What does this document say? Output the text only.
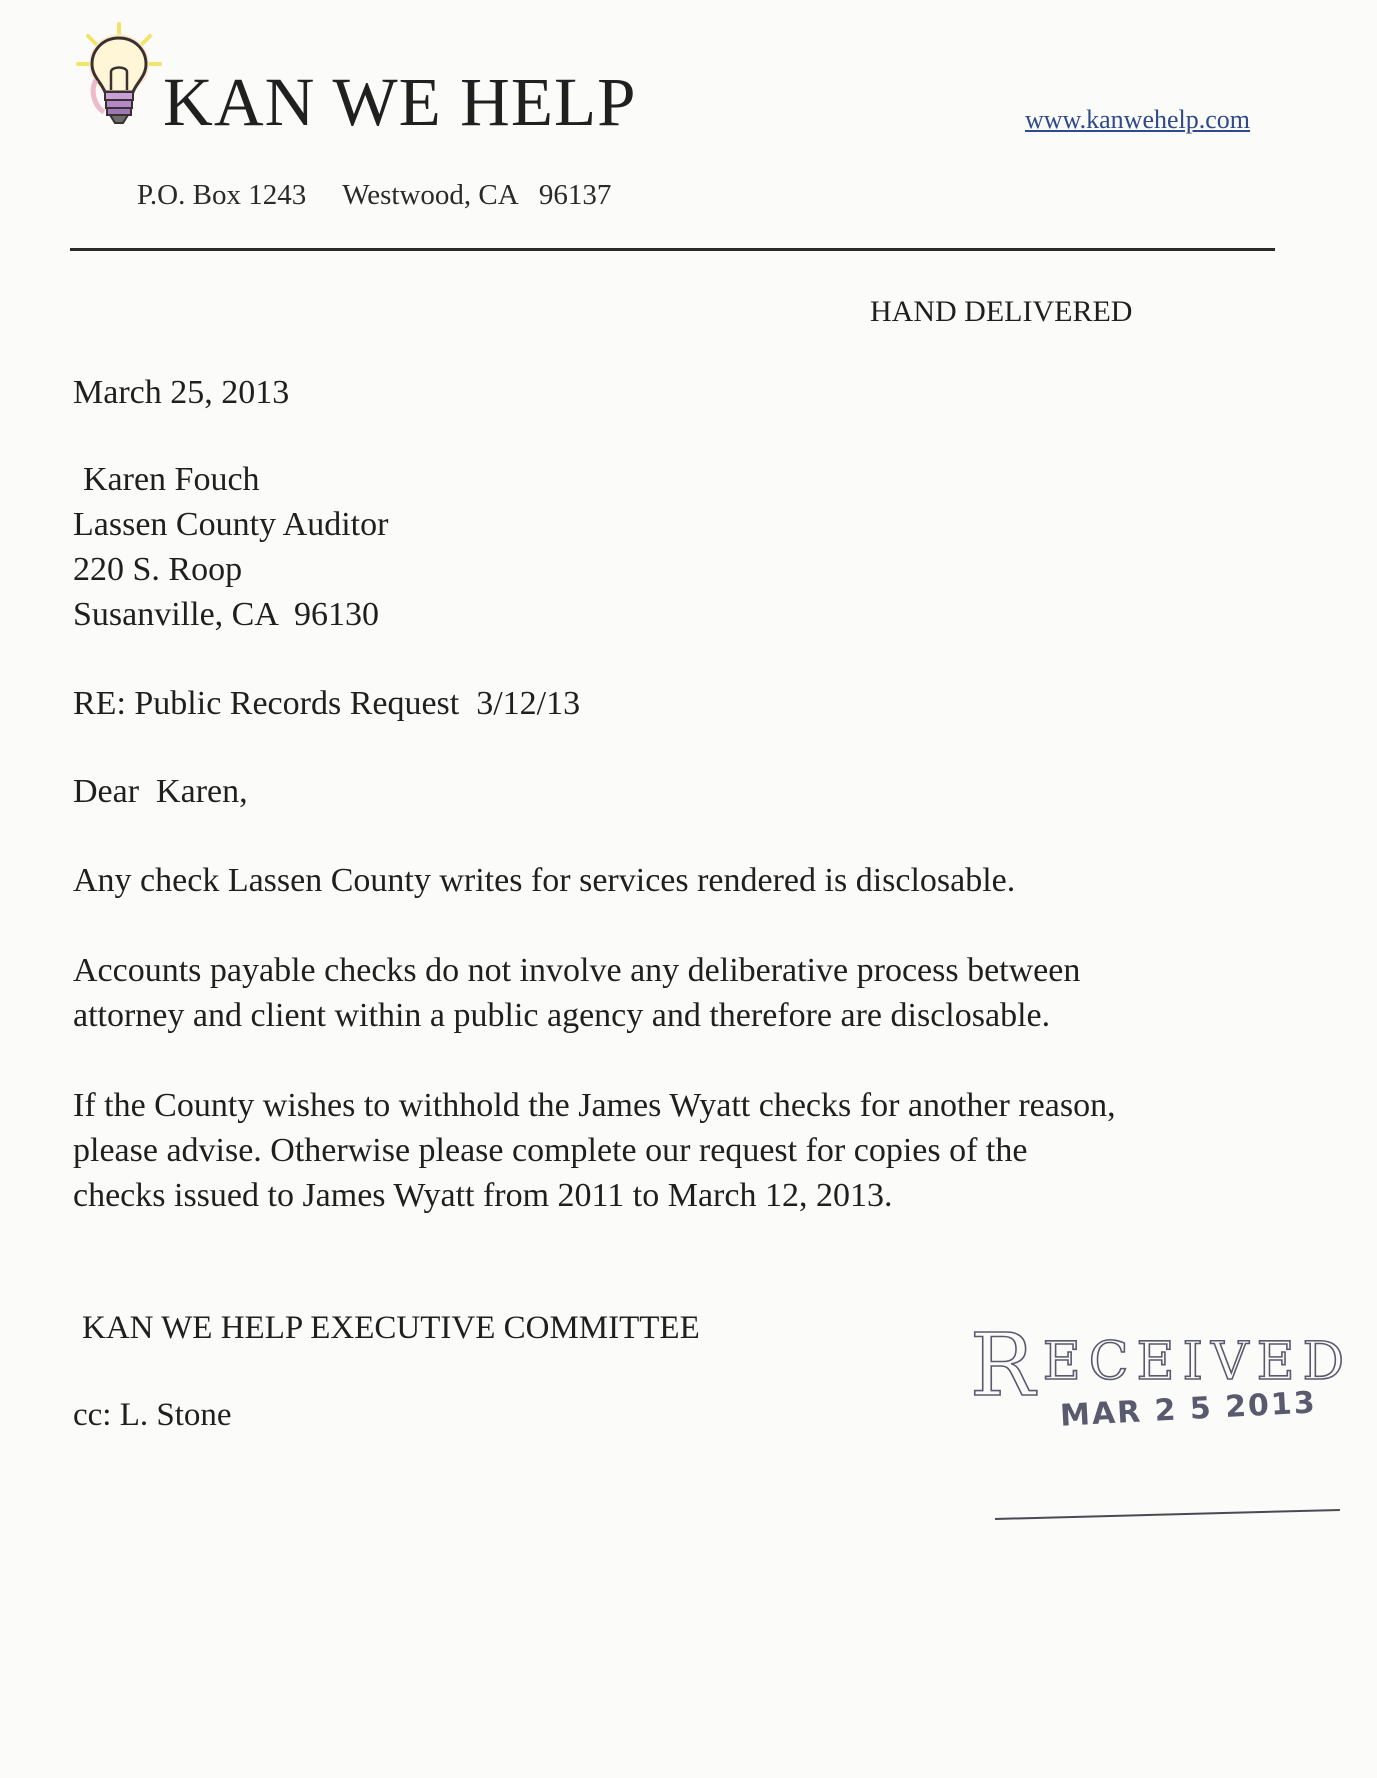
KAN WE HELP	www.kanwehelp.com
P.O. Box 1243 Westwood, CA   96137
HAND DELIVERED
March 25, 2013
Karen Fouch
Lassen County Auditor
220 S. Roop
Susanville, CA  96130
RE: Public Records Request  3/12/13
Dear  Karen,
Any check Lassen County writes for services rendered is disclosable.
Accounts payable checks do not involve any deliberative process between
attorney and client within a public agency and therefore are disclosable.
If the County wishes to withhold the James Wyatt checks for another reason,
please advise. Otherwise please complete our request for copies of the
checks issued to James Wyatt from 2011 to March 12, 2013.
KAN WE HELP EXECUTIVE COMMITTEE
cc: L. Stone	RECEIVED
MAR 2 5 2013
